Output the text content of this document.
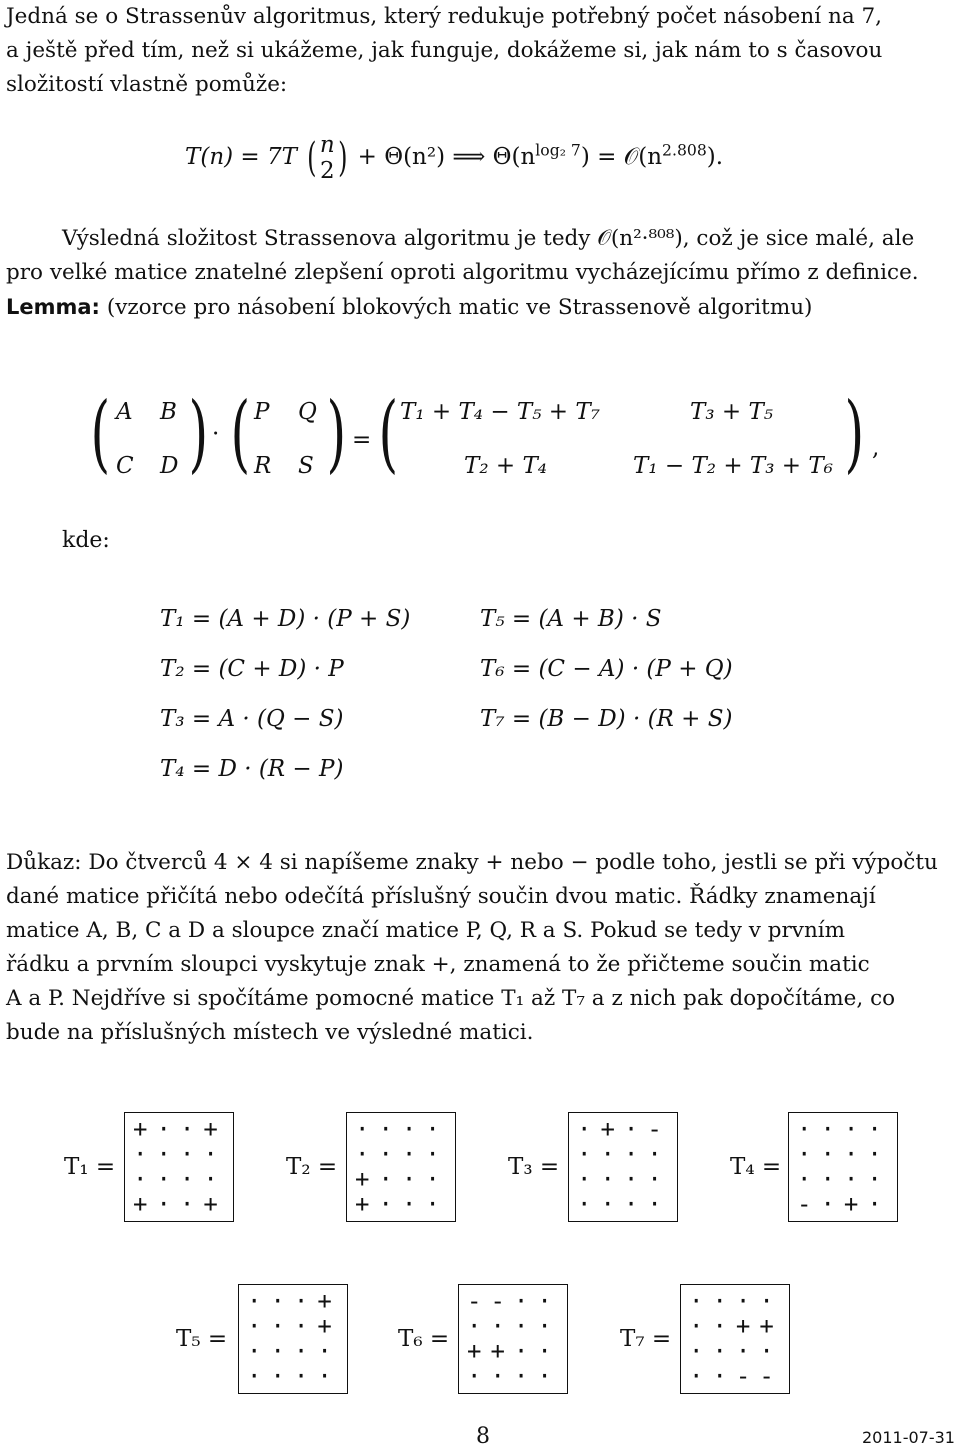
Jedná se o Strassenův algoritmus, který redukuje potřebný počet násobení na 7,
a ještě před tím, než si ukážeme, jak funguje, dokážeme si, jak nám to s časovou
složitostí vlastně pomůže:
T(n) = 7T ( n
2 ) + Θ(n²) ⟹ $\Theta(n^{log_2 7})$ = $𝒪(n^{2.808})$.
Výsledná složitost Strassenova algoritmu je tedy 𝒪(n²·⁸⁰⁸), což je sice malé, ale
pro velké matice znatelné zlepšení oproti algoritmu vycházejícímu přímo z definice.
Lemma: (vzorce pro násobení blokových matic ve Strassenově algoritmu)
( A B
C D ) · ( P Q
R S ) = ( T₁ + T₄ − T₅ + T₇	T₃ + T₅
T₂ + T₄	T₁ − T₂ + T₃ + T₆ ) ,
kde:
T₁ = (A + D) · (P + S)
T₂ = (C + D) · P
T₃ = A · (Q − S)
T₄ = D · (R − P)
T₅ = (A + B) · S
T₆ = (C − A) · (P + Q)
T₇ = (B − D) · (R + S)
Důkaz: Do čtverců 4 × 4 si napíšeme znaky + nebo − podle toho, jestli se při výpočtu
dané matice přičítá nebo odečítá příslušný součin dvou matic. Řádky znamenají
matice A, B, C a D a sloupce značí matice P, Q, R a S. Pokud se tedy v prvním
řádku a prvním sloupci vyskytuje znak +, znamená to že přičteme součin matic
A a P. Nejdříve si spočítáme pomocné matice T₁ až T₇ a z nich pak dopočítáme, co
bude na příslušných místech ve výsledné matici.
T₁ =
+··+
····
····
+··+
T₂ =
····
····
+···
+···
T₃ =
·+·-
····
····
····
T₄ =
····
····
····
-·+·
T₅ =
···+
···+
····
····
T₆ =
--··
····
++··
····
T₇ =
····
··++
····
··--
8	2011-07-31
